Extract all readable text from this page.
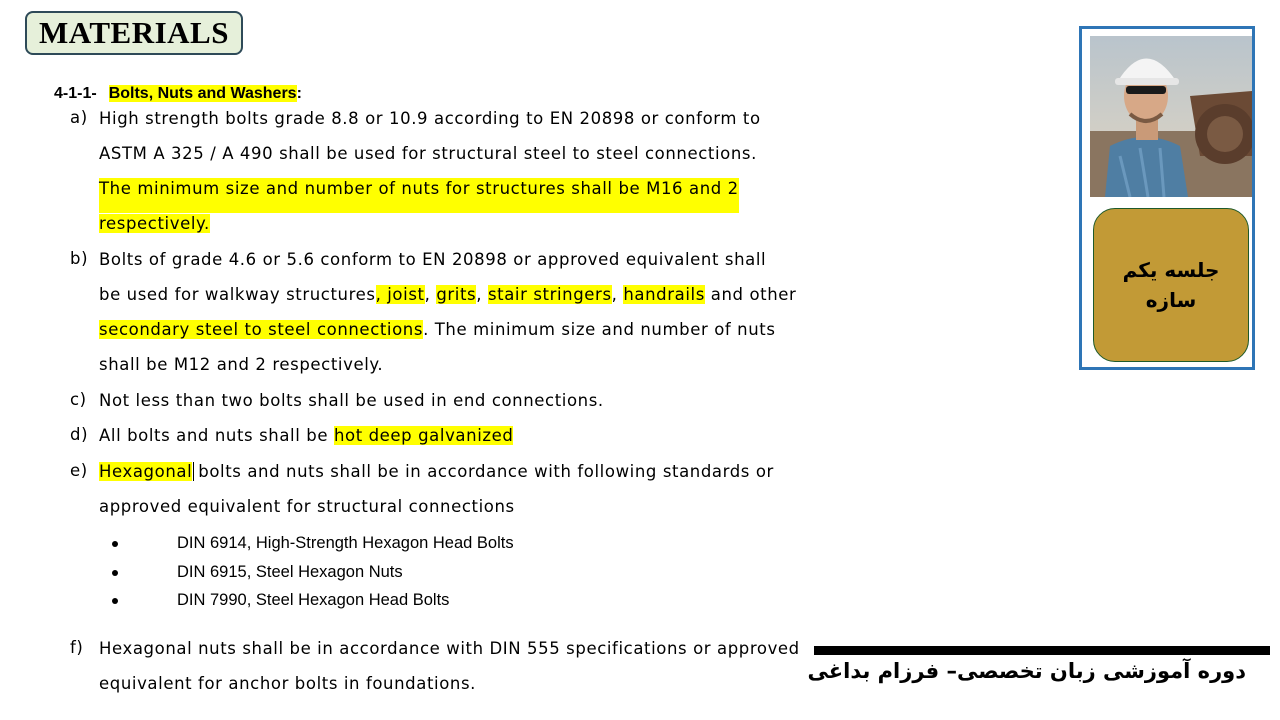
MATERIALS
4-1-1- Bolts, Nuts and Washers:
a) High strength bolts grade 8.8 or 10.9 according to EN 20898 or conform to
ASTM A 325 / A 490 shall be used for structural steel to steel connections.
The minimum size and number of nuts for structures shall be M16 and 2
respectively.
b) Bolts of grade 4.6 or 5.6 conform to EN 20898 or approved equivalent shall
be used for walkway structures, joist, grits, stair stringers, handrails and other
secondary steel to steel connections. The minimum size and number of nuts
shall be M12 and 2 respectively.
c) Not less than two bolts shall be used in end connections.
d) All bolts and nuts shall be hot deep galvanized
e) Hexagonal bolts and nuts shall be in accordance with following standards or
approved equivalent for structural connections
DIN 6914, High-Strength Hexagon Head Bolts
DIN 6915, Steel Hexagon Nuts
DIN 7990, Steel Hexagon Head Bolts
f) Hexagonal nuts shall be in accordance with DIN 555 specifications or approved
equivalent for anchor bolts in foundations.
جلسه یکم
سازه
دوره آموزشی زبان تخصصی– فرزام بداغی
